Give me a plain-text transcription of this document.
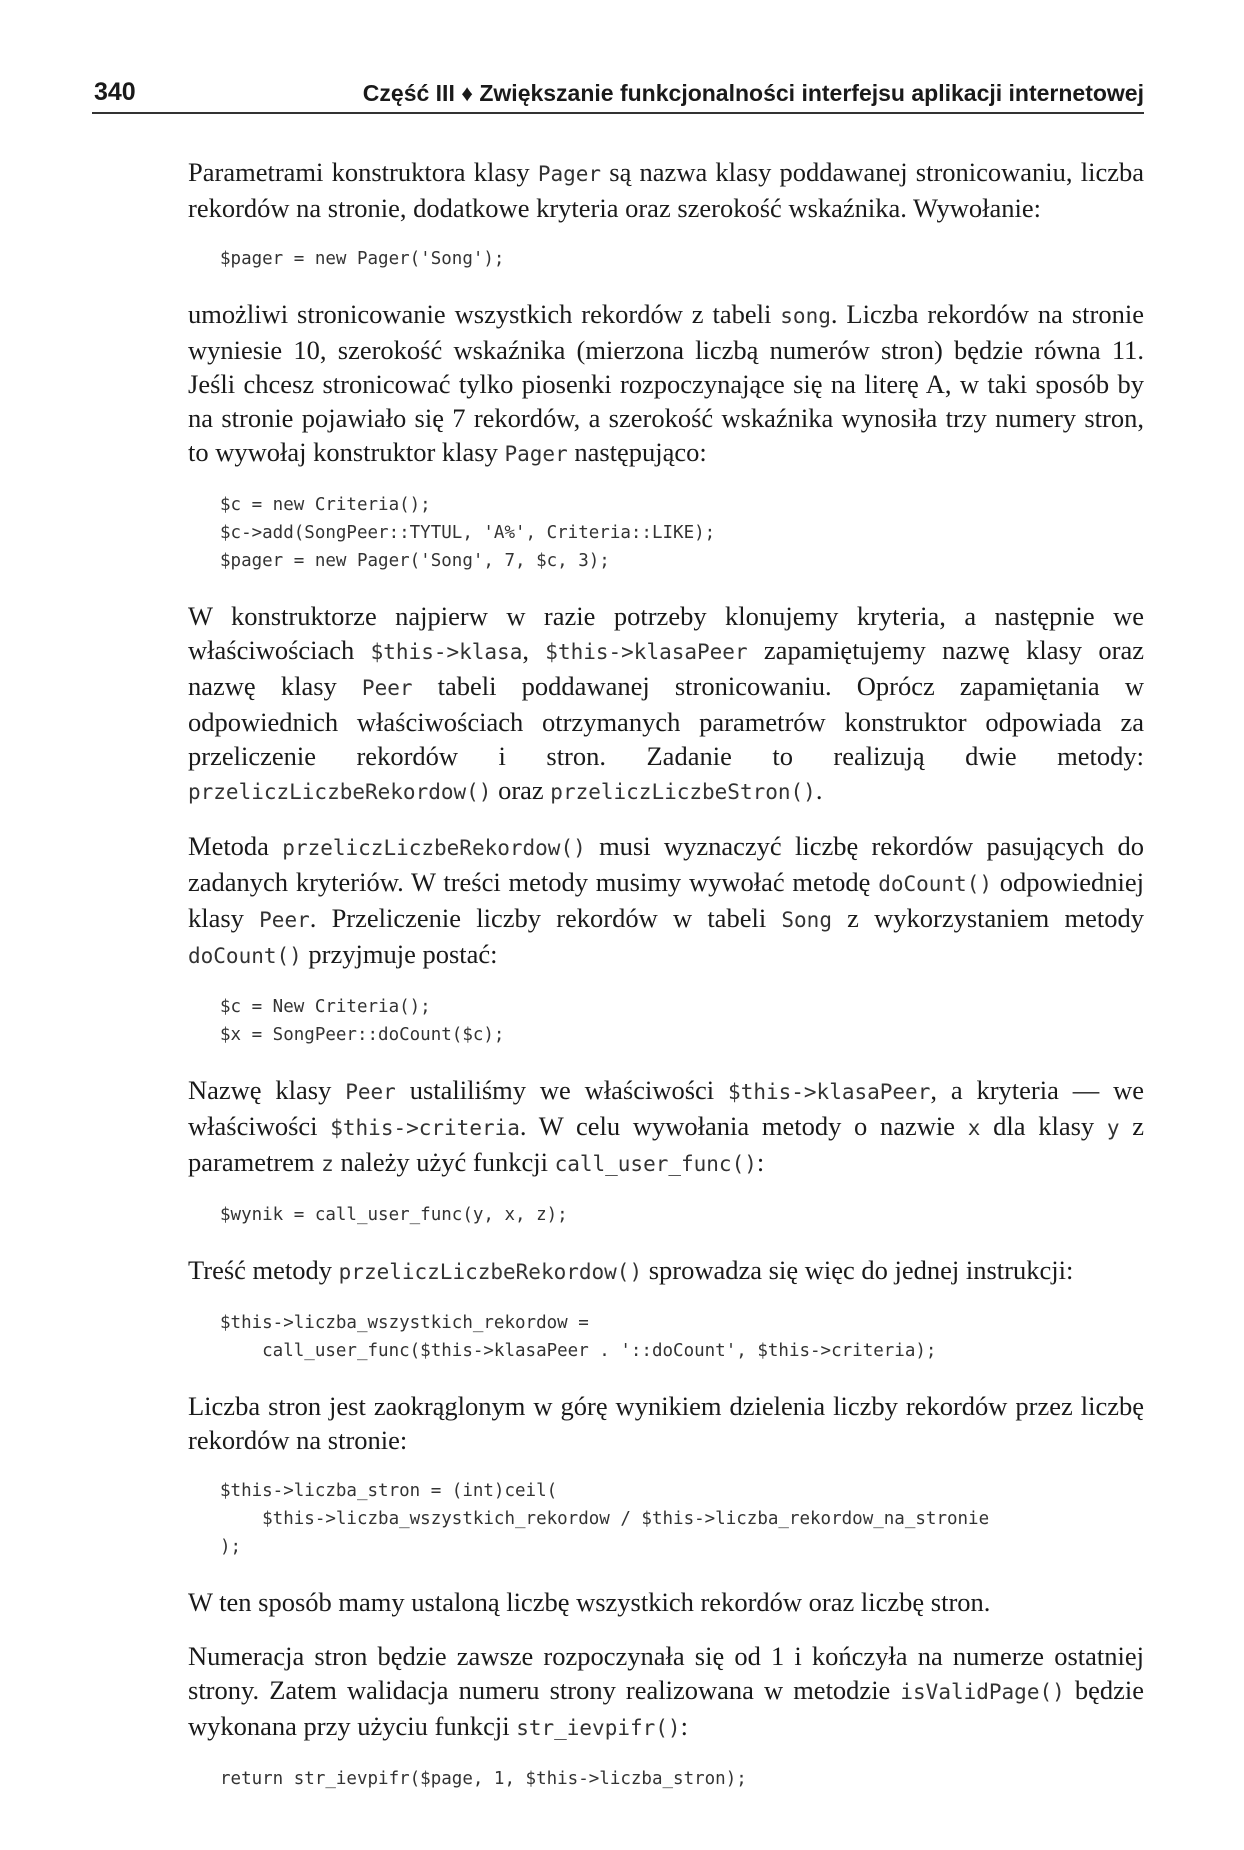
340	Część III ♦ Zwiększanie funkcjonalności interfejsu aplikacji internetowej

Parametrami konstruktora klasy Pager są nazwa klasy poddawanej stronicowaniu, liczba rekordów na stronie, dodatkowe kryteria oraz szerokość wskaźnika. Wywołanie:

$pager = new Pager('Song');

umożliwi stronicowanie wszystkich rekordów z tabeli song. Liczba rekordów na stronie wyniesie 10, szerokość wskaźnika (mierzona liczbą numerów stron) będzie równa 11. Jeśli chcesz stronicować tylko piosenki rozpoczynające się na literę A, w taki sposób by na stronie pojawiało się 7 rekordów, a szerokość wskaźnika wynosiła trzy numery stron, to wywołaj konstruktor klasy Pager następująco:

$c = new Criteria();
$c->add(SongPeer::TYTUL, 'A%', Criteria::LIKE);
$pager = new Pager('Song', 7, $c, 3);

W konstruktorze najpierw w razie potrzeby klonujemy kryteria, a następnie we właściwościach $this->klasa, $this->klasaPeer zapamiętujemy nazwę klasy oraz nazwę klasy Peer tabeli poddawanej stronicowaniu. Oprócz zapamiętania w odpowiednich właściwościach otrzymanych parametrów konstruktor odpowiada za przeliczenie rekordów i stron. Zadanie to realizują dwie metody: przeliczLiczbeRekordow() oraz przeliczLiczbeStron().

Metoda przeliczLiczbeRekordow() musi wyznaczyć liczbę rekordów pasujących do zadanych kryteriów. W treści metody musimy wywołać metodę doCount() odpowiedniej klasy Peer. Przeliczenie liczby rekordów w tabeli Song z wykorzystaniem metody doCount() przyjmuje postać:

$c = New Criteria();
$x = SongPeer::doCount($c);

Nazwę klasy Peer ustaliliśmy we właściwości $this->klasaPeer, a kryteria — we właściwości $this->criteria. W celu wywołania metody o nazwie x dla klasy y z parametrem z należy użyć funkcji call_user_func():

$wynik = call_user_func(y, x, z);

Treść metody przeliczLiczbeRekordow() sprowadza się więc do jednej instrukcji:

$this->liczba_wszystkich_rekordow =
call_user_func($this->klasaPeer . '::doCount', $this->criteria);

Liczba stron jest zaokrąglonym w górę wynikiem dzielenia liczby rekordów przez liczbę rekordów na stronie:

$this->liczba_stron = (int)ceil(
$this->liczba_wszystkich_rekordow / $this->liczba_rekordow_na_stronie
);

W ten sposób mamy ustaloną liczbę wszystkich rekordów oraz liczbę stron.

Numeracja stron będzie zawsze rozpoczynała się od 1 i kończyła na numerze ostatniej strony. Zatem walidacja numeru strony realizowana w metodzie isValidPage() będzie wykonana przy użyciu funkcji str_ievpifr():

return str_ievpifr($page, 1, $this->liczba_stron);
